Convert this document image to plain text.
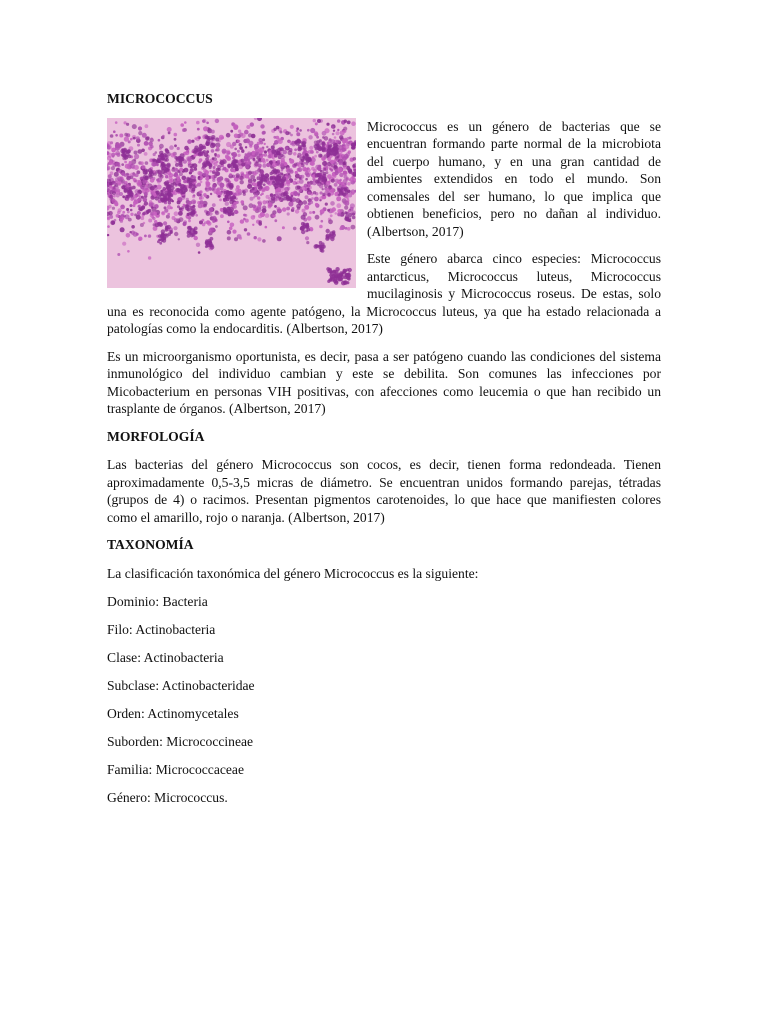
MICROCOCCUS

Micrococcus es un género de bacterias que se encuentran formando parte normal de la microbiota del cuerpo humano, y en una gran cantidad de ambientes extendidos en todo el mundo. Son comensales del ser humano, lo que implica que obtienen beneficios, pero no dañan al individuo. (Albertson, 2017)

Este género abarca cinco especies: Micrococcus antarcticus, Micrococcus luteus, Micrococcus mucilaginosis y Micrococcus roseus. De estas, solo una es reconocida como agente patógeno, la Micrococcus luteus, ya que ha estado relacionada a patologías como la endocarditis. (Albertson, 2017)

Es un microorganismo oportunista, es decir, pasa a ser patógeno cuando las condiciones del sistema inmunológico del individuo cambian y este se debilita. Son comunes las infecciones por Micobacterium en personas VIH positivas, con afecciones como leucemia o que han recibido un trasplante de órganos. (Albertson, 2017)

MORFOLOGÍA

Las bacterias del género Micrococcus son cocos, es decir, tienen forma redondeada. Tienen aproximadamente 0,5-3,5 micras de diámetro. Se encuentran unidos formando parejas, tétradas (grupos de 4) o racimos. Presentan pigmentos carotenoides, lo que hace que manifiesten colores como el amarillo, rojo o naranja. (Albertson, 2017)

TAXONOMÍA

La clasificación taxonómica del género Micrococcus es la siguiente:

Dominio: Bacteria

Filo: Actinobacteria

Clase: Actinobacteria

Subclase: Actinobacteridae

Orden: Actinomycetales

Suborden: Micrococcineae

Familia: Micrococcaceae

Género: Micrococcus.
